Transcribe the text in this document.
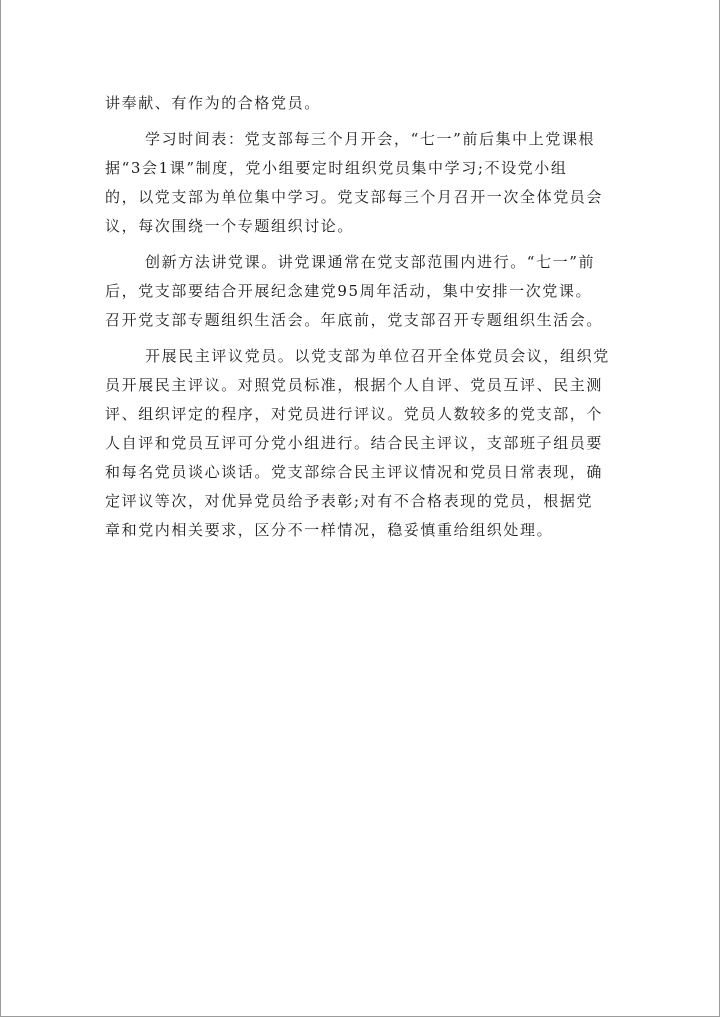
讲奉献、有作为的合格党员。
学习时间表：党支部每三个月开会，“七一”前后集中上党课根
据“3会1课”制度，党小组要定时组织党员集中学习;不设党小组
的，以党支部为单位集中学习。党支部每三个月召开一次全体党员会
议，每次围绕一个专题组织讨论。
创新方法讲党课。讲党课通常在党支部范围内进行。“七一”前
后，党支部要结合开展纪念建党95周年活动，集中安排一次党课。
召开党支部专题组织生活会。年底前，党支部召开专题组织生活会。
开展民主评议党员。以党支部为单位召开全体党员会议，组织党
员开展民主评议。对照党员标准，根据个人自评、党员互评、民主测
评、组织评定的程序，对党员进行评议。党员人数较多的党支部，个
人自评和党员互评可分党小组进行。结合民主评议，支部班子组员要
和每名党员谈心谈话。党支部综合民主评议情况和党员日常表现，确
定评议等次，对优异党员给予表彰;对有不合格表现的党员，根据党
章和党内相关要求，区分不一样情况，稳妥慎重给组织处理。
